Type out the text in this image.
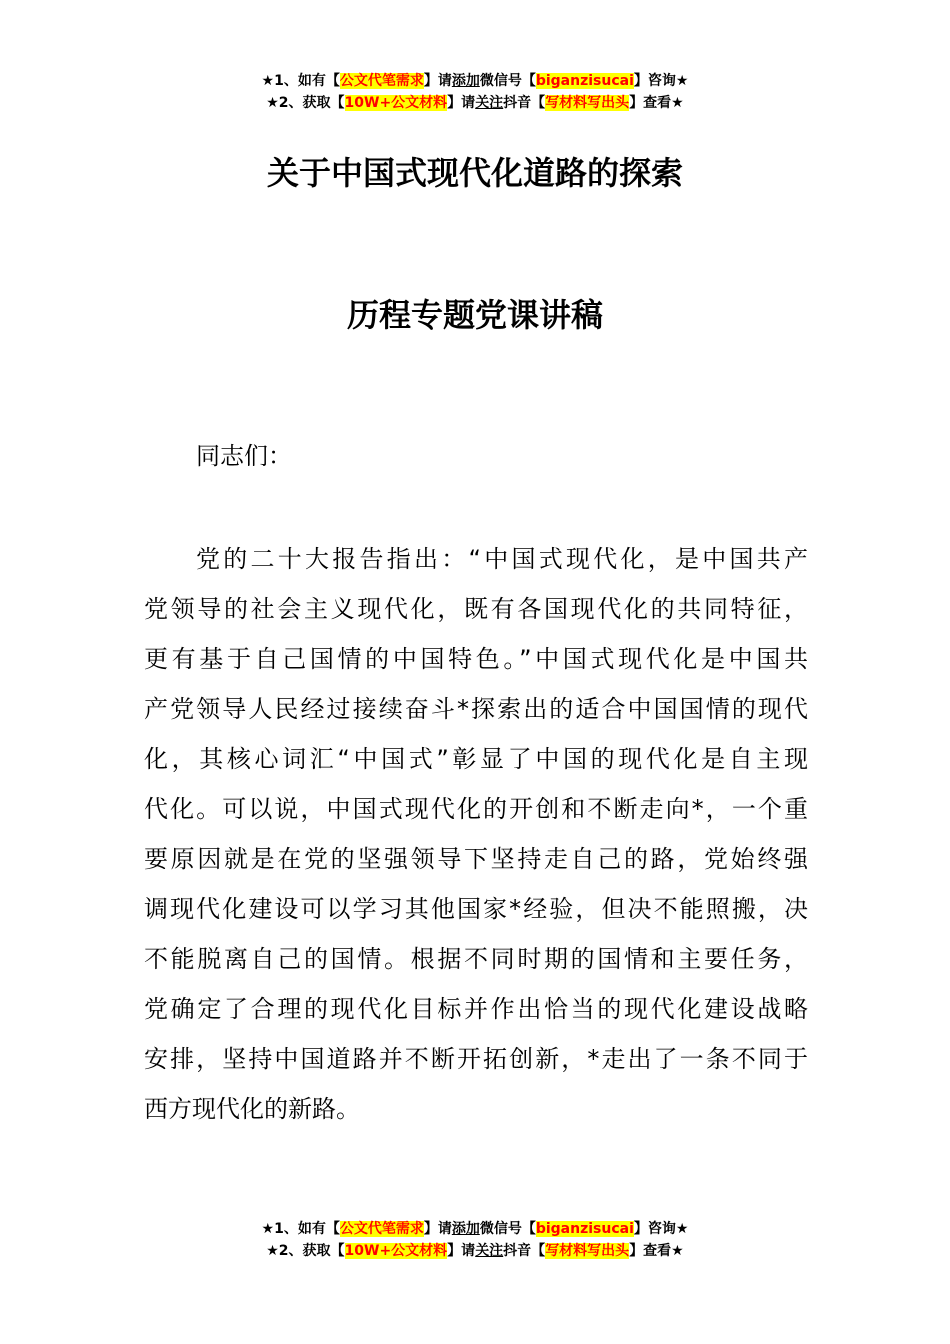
★1、如有【公文代笔需求】请添加微信号【biganzisucai】咨询★
★2、获取【10W+公文材料】请关注抖音【写材料写出头】查看★
关于中国式现代化道路的探索
历程专题党课讲稿
同志们：
党的二十大报告指出：“中国式现代化，是中国共产
党领导的社会主义现代化，既有各国现代化的共同特征，
更有基于自己国情的中国特色。”中国式现代化是中国共
产党领导人民经过接续奋斗*探索出的适合中国国情的现代
化，其核心词汇“中国式”彰显了中国的现代化是自主现
代化。可以说，中国式现代化的开创和不断走向*，一个重
要原因就是在党的坚强领导下坚持走自己的路，党始终强
调现代化建设可以学习其他国家*经验，但决不能照搬，决
不能脱离自己的国情。根据不同时期的国情和主要任务，
党确定了合理的现代化目标并作出恰当的现代化建设战略
安排，坚持中国道路并不断开拓创新，*走出了一条不同于
西方现代化的新路。
★1、如有【公文代笔需求】请添加微信号【biganzisucai】咨询★
★2、获取【10W+公文材料】请关注抖音【写材料写出头】查看★
